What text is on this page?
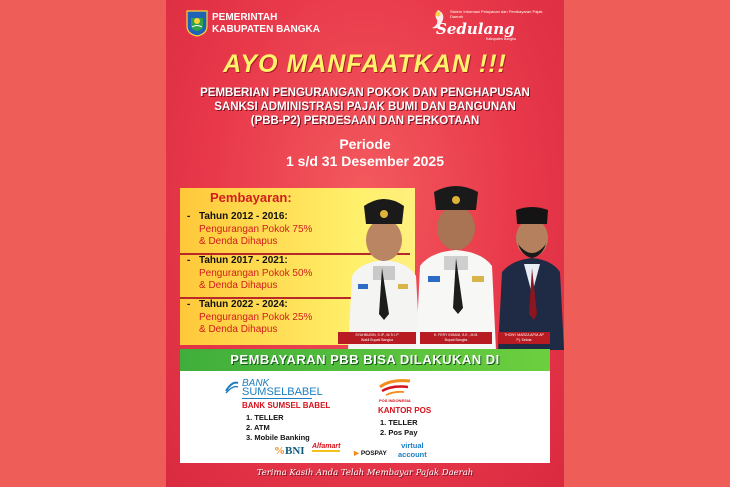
PEMERINTAH
KABUPATEN BANGKA
Sistem Informasi Pelayanan dan Pembayaran Pajak Daerah
Sedulang
Kabupaten Bangka
AYO MANFAATKAN !!!
PEMBERIAN PENGURANGAN POKOK DAN PENGHAPUSAN
SANKSI ADMINISTRASI PAJAK BUMI DAN BANGUNAN
(PBB-P2) PERDESAAN DAN PERKOTAAN
Periode
1 s/d 31 Desember 2025
Pembayaran:
- Tahun 2012 - 2016:
Pengurangan Pokok 75%
& Denda Dihapus
- Tahun 2017 - 2021:
Pengurangan Pokok 50%
& Denda Dihapus
- Tahun 2022 - 2024:
Pengurangan Pokok 25%
& Denda Dihapus	SYAHBUDIN, S.IP., M.Tr.I.P
Wakil Bupati Bangka
H. FERY INSANI, S.E., M.M.
Bupati Bangka
THONY MARZA AP.M.AP
Pj. Sekda
PEMBAYARAN PBB BISA DILAKUKAN DI
BANK
SUMSELBABEL
BANK SUMSEL BABEL
1. TELLER
2. ATM
3. Mobile Banking
POS INDONESIA
KANTOR POS
1. TELLER
2. Pos Pay
%BNI Alfamart
▶ POSPAY
virtual
account
Terima Kasih Anda Telah Membayar Pajak Daerah
